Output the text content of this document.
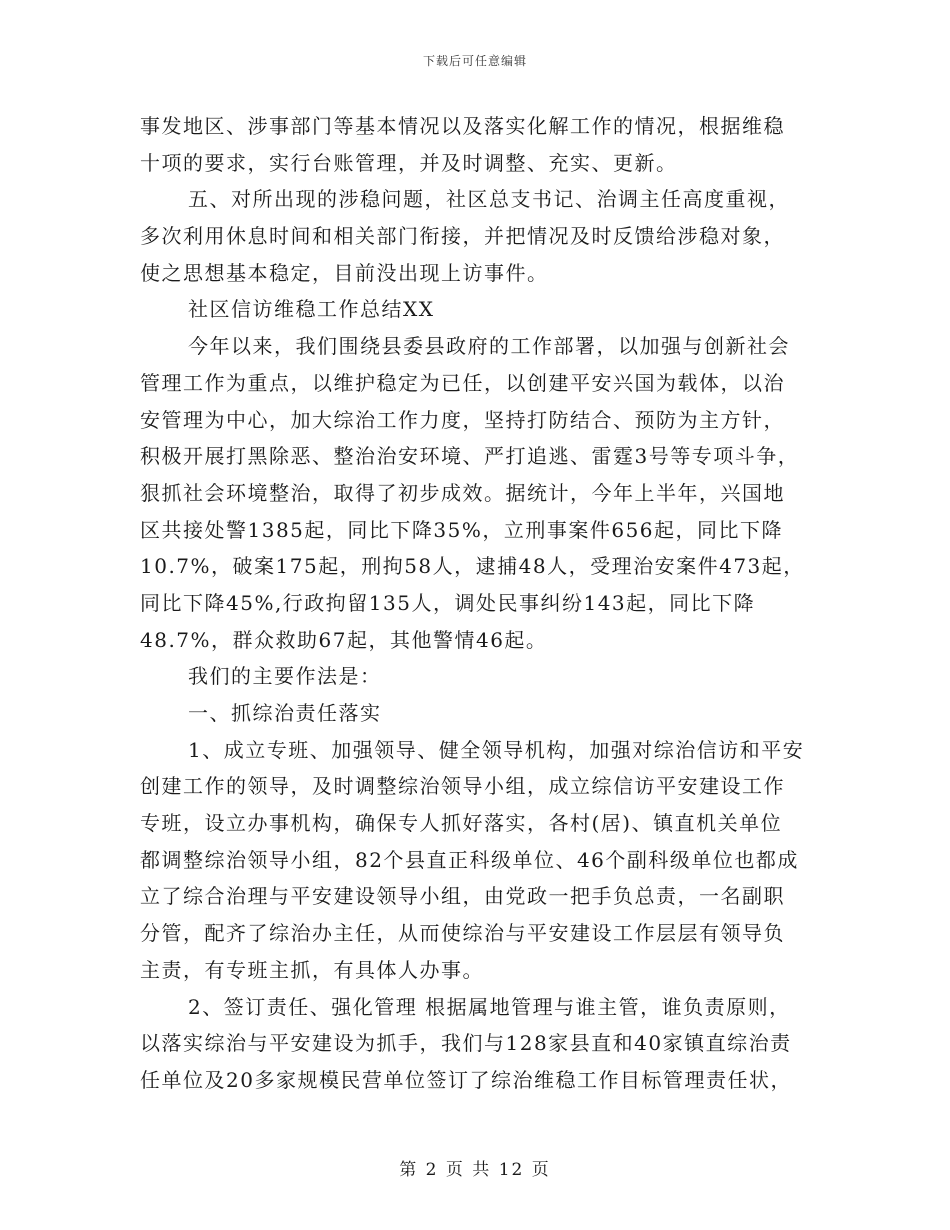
下载后可任意编辑
事发地区、涉事部门等基本情况以及落实化解工作的情况，根据维稳
十项的要求，实行台账管理，并及时调整、充实、更新。
五、对所出现的涉稳问题，社区总支书记、治调主任高度重视，
多次利用休息时间和相关部门衔接，并把情况及时反馈给涉稳对象，
使之思想基本稳定，目前没出现上访事件。
社区信访维稳工作总结XX
今年以来，我们围绕县委县政府的工作部署，以加强与创新社会
管理工作为重点，以维护稳定为已任，以创建平安兴国为载体，以治
安管理为中心，加大综治工作力度，坚持打防结合、预防为主方针，
积极开展打黑除恶、整治治安环境、严打追逃、雷霆3号等专项斗争，
狠抓社会环境整治，取得了初步成效。据统计，今年上半年，兴国地
区共接处警1385起，同比下降35%，立刑事案件656起，同比下降
10.7%，破案175起，刑拘58人，逮捕48人，受理治安案件473起，
同比下降45%,行政拘留135人，调处民事纠纷143起，同比下降
48.7%，群众救助67起，其他警情46起。
我们的主要作法是：
一、抓综治责任落实
1、成立专班、加强领导、健全领导机构，加强对综治信访和平安
创建工作的领导，及时调整综治领导小组，成立综信访平安建设工作
专班，设立办事机构，确保专人抓好落实，各村(居)、镇直机关单位
都调整综治领导小组，82个县直正科级单位、46个副科级单位也都成
立了综合治理与平安建设领导小组，由党政一把手负总责，一名副职
分管，配齐了综治办主任，从而使综治与平安建设工作层层有领导负
主责，有专班主抓，有具体人办事。
2、签订责任、强化管理 根据属地管理与谁主管，谁负责原则，
以落实综治与平安建设为抓手，我们与128家县直和40家镇直综治责
任单位及20多家规模民营单位签订了综治维稳工作目标管理责任状，
第 2 页 共 12 页
